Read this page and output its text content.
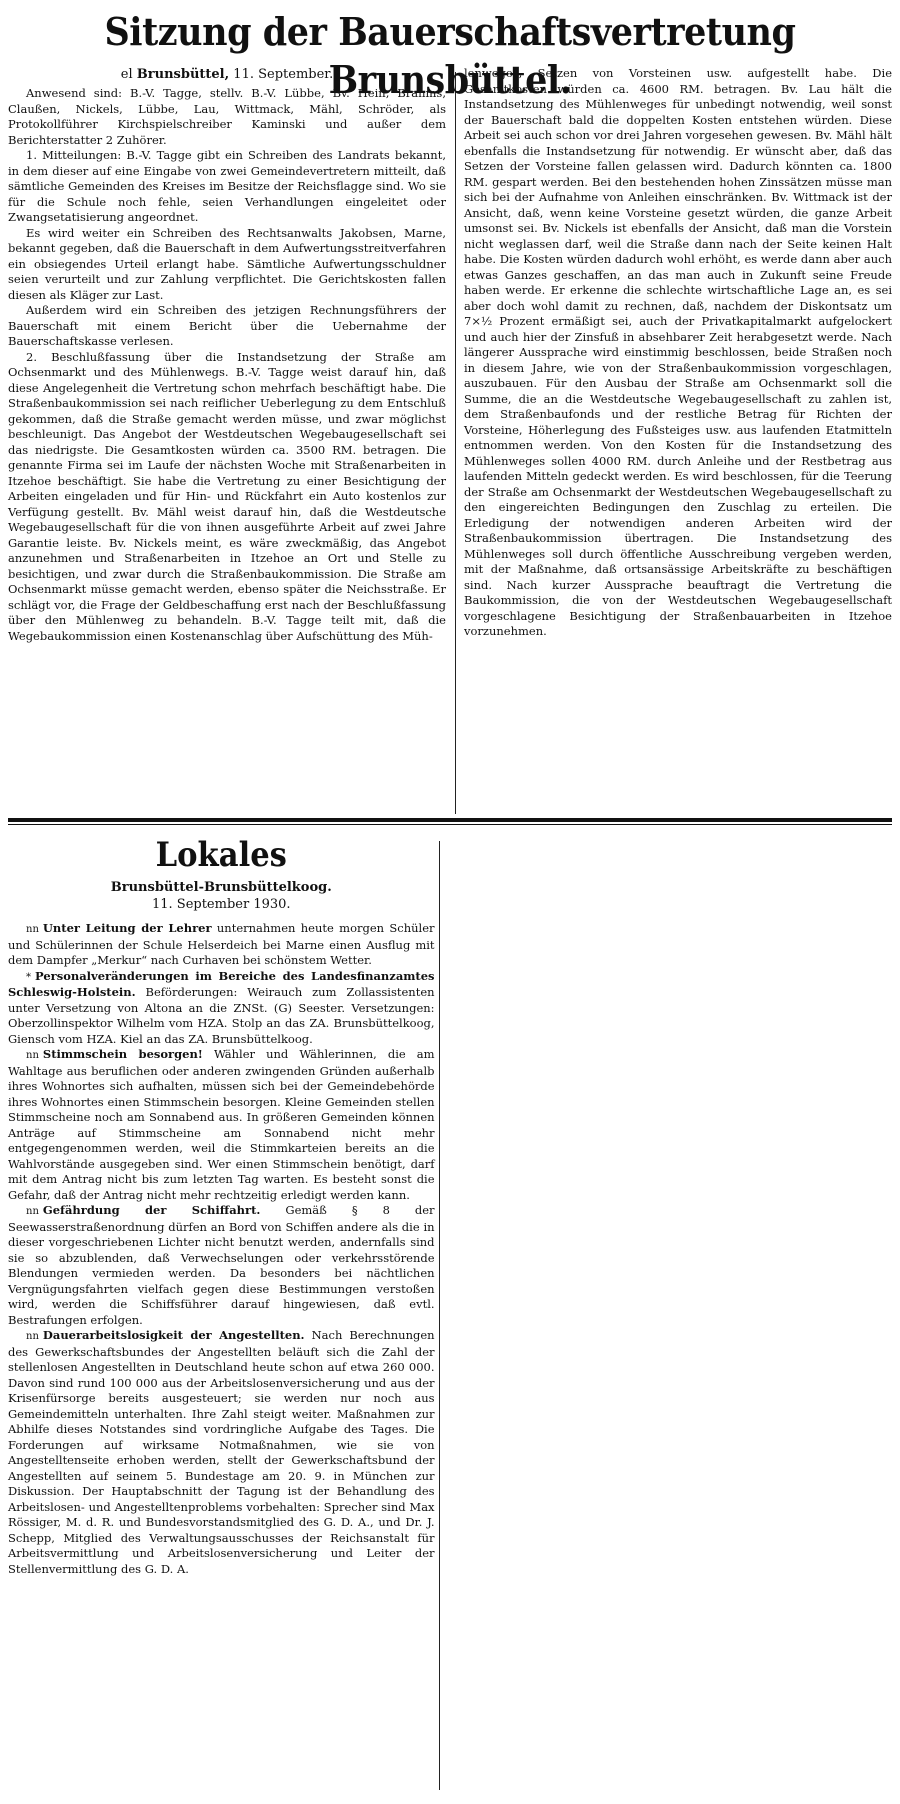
Sitzung der Bauerschaftsvertretung Brunsbüttel.
el Brunsbüttel, 11. September.

Anwesend sind: B.-V. Tagge, stellv. B.-V. Lübbe, Bv. Hein, Brahms, Claußen, Nickels, Lübbe, Lau, Wittmack, Mähl, Schröder, als Protokollführer Kirchspielschreiber Kaminski und außer dem Berichterstatter 2 Zuhörer.

1. Mitteilungen: B.-V. Tagge gibt ein Schreiben des Landrats bekannt, in dem dieser auf eine Eingabe von zwei Gemeindevertretern mitteilt, daß sämtliche Gemeinden des Kreises im Besitze der Reichsflagge sind. Wo sie für die Schule noch fehle, seien Verhandlungen eingeleitet oder Zwangsetatisierung angeordnet.

Es wird weiter ein Schreiben des Rechtsanwalts Jakobsen, Marne, bekannt gegeben, daß die Bauerschaft in dem Aufwertungsstreitverfahren ein obsiegendes Urteil erlangt habe. Sämtliche Aufwertungsschuldner seien verurteilt und zur Zahlung verpflichtet. Die Gerichtskosten fallen diesen als Kläger zur Last.

Außerdem wird ein Schreiben des jetzigen Rechnungsführers der Bauerschaft mit einem Bericht über die Uebernahme der Bauerschaftskasse verlesen.

2. Beschlußfassung über die Instandsetzung der Straße am Ochsenmarkt und des Mühlenwegs. B.-V. Tagge weist darauf hin, daß diese Angelegenheit die Vertretung schon mehrfach beschäftigt habe. Die Straßenbaukommission sei nach reiflicher Ueberlegung zu dem Entschluß gekommen, daß die Straße gemacht werden müsse, und zwar möglichst beschleunigt. Das Angebot der Westdeutschen Wegebaugesellschaft sei das niedrigste. Die Gesamtkosten würden ca. 3500 RM. betragen. Die genannte Firma sei im Laufe der nächsten Woche mit Straßenarbeiten in Itzehoe beschäftigt. Sie habe die Vertretung zu einer Besichtigung der Arbeiten eingeladen und für Hin- und Rückfahrt ein Auto kostenlos zur Verfügung gestellt. Bv. Mähl weist darauf hin, daß die Westdeutsche Wegebaugesellschaft für die von ihnen ausgeführte Arbeit auf zwei Jahre Garantie leiste. Bv. Nickels meint, es wäre zweckmäßig, das Angebot anzunehmen und Straßenarbeiten in Itzehoe an Ort und Stelle zu besichtigen, und zwar durch die Straßenbaukommission. Die Straße am Ochsenmarkt müsse gemacht werden, ebenso später die Neichsstraße. Er schlägt vor, die Frage der Geldbeschaffung erst nach der Beschlußfassung über den Mühlenweg zu behandeln. B.-V. Tagge teilt mit, daß die Wegebaukommission einen Kostenanschlag über Aufschüttung des Müh-

lenweges, Setzen von Vorsteinen usw. aufgestellt habe. Die Gesamtkosten würden ca. 4600 RM. betragen. Bv. Lau hält die Instandsetzung des Mühlenweges für unbedingt notwendig, weil sonst der Bauerschaft bald die doppelten Kosten entstehen würden. Diese Arbeit sei auch schon vor drei Jahren vorgesehen gewesen. Bv. Mähl hält ebenfalls die Instandsetzung für notwendig. Er wünscht aber, daß das Setzen der Vorsteine fallen gelassen wird. Dadurch könnten ca. 1800 RM. gespart werden. Bei den bestehenden hohen Zinssätzen müsse man sich bei der Aufnahme von Anleihen einschränken. Bv. Wittmack ist der Ansicht, daß, wenn keine Vorsteine gesetzt würden, die ganze Arbeit umsonst sei. Bv. Nickels ist ebenfalls der Ansicht, daß man die Vorstein nicht weglassen darf, weil die Straße dann nach der Seite keinen Halt habe. Die Kosten würden dadurch wohl erhöht, es werde dann aber auch etwas Ganzes geschaffen, an das man auch in Zukunft seine Freude haben werde. Er erkenne die schlechte wirtschaftliche Lage an, es sei aber doch wohl damit zu rechnen, daß, nachdem der Diskontsatz um 7×½ Prozent ermäßigt sei, auch der Privatkapitalmarkt aufgelockert und auch hier der Zinsfuß in absehbarer Zeit herabgesetzt werde. Nach längerer Aussprache wird einstimmig beschlossen, beide Straßen noch in diesem Jahre, wie von der Straßenbaukommission vorgeschlagen, auszubauen. Für den Ausbau der Straße am Ochsenmarkt soll die Summe, die an die Westdeutsche Wegebaugesellschaft zu zahlen ist, dem Straßenbaufonds und der restliche Betrag für Richten der Vorsteine, Höherlegung des Fußsteiges usw. aus laufenden Etatmitteln entnommen werden. Von den Kosten für die Instandsetzung des Mühlenweges sollen 4000 RM. durch Anleihe und der Restbetrag aus laufenden Mitteln gedeckt werden. Es wird beschlossen, für die Teerung der Straße am Ochsenmarkt der Westdeutschen Wegebaugesellschaft zu den eingereichten Bedingungen den Zuschlag zu erteilen. Die Erledigung der notwendigen anderen Arbeiten wird der Straßenbaukommission übertragen. Die Instandsetzung des Mühlenweges soll durch öffentliche Ausschreibung vergeben werden, mit der Maßnahme, daß ortsansässige Arbeitskräfte zu beschäftigen sind. Nach kurzer Aussprache beauftragt die Vertretung die Baukommission, die von der Westdeutschen Wegebaugesellschaft vorgeschlagene Besichtigung der Straßenbauarbeiten in Itzehoe vorzunehmen.

Lokales
Brunsbüttel-Brunsbüttelkoog.
11. September 1930.

nn Unter Leitung der Lehrer unternahmen heute morgen Schüler und Schülerinnen der Schule Helserdeich bei Marne einen Ausflug mit dem Dampfer „Merkur“ nach Curhaven bei schönstem Wetter.

* Personalveränderungen im Bereiche des Landesfinanzamtes Schleswig-Holstein. Beförderungen: Weirauch zum Zollassistenten unter Versetzung von Altona an die ZNSt. (G) Seester. Versetzungen: Oberzollinspektor Wilhelm vom HZA. Stolp an das ZA. Brunsbüttelkoog, Giensch vom HZA. Kiel an das ZA. Brunsbüttelkoog.

nn Stimmschein besorgen! Wähler und Wählerinnen, die am Wahltage aus beruflichen oder anderen zwingenden Gründen außerhalb ihres Wohnortes sich aufhalten, müssen sich bei der Gemeindebehörde ihres Wohnortes einen Stimmschein besorgen. Kleine Gemeinden stellen Stimmscheine noch am Sonnabend aus. In größeren Gemeinden können Anträge auf Stimmscheine am Sonnabend nicht mehr entgegengenommen werden, weil die Stimmkarteien bereits an die Wahlvorstände ausgegeben sind. Wer einen Stimmschein benötigt, darf mit dem Antrag nicht bis zum letzten Tag warten. Es besteht sonst die Gefahr, daß der Antrag nicht mehr rechtzeitig erledigt werden kann.

nn Gefährdung der Schiffahrt. Gemäß § 8 der Seewasserstraßenordnung dürfen an Bord von Schiffen andere als die in dieser vorgeschriebenen Lichter nicht benutzt werden, andernfalls sind sie so abzublenden, daß Verwechselungen oder verkehrsstörende Blendungen vermieden werden. Da besonders bei nächtlichen Vergnügungsfahrten vielfach gegen diese Bestimmungen verstoßen wird, werden die Schiffsführer darauf hingewiesen, daß evtl. Bestrafungen erfolgen.

nn Dauerarbeitslosigkeit der Angestellten. Nach Berechnungen des Gewerkschaftsbundes der Angestellten beläuft sich die Zahl der stellenlosen Angestellten in Deutschland heute schon auf etwa 260 000. Davon sind rund 100 000 aus der Arbeitslosenversicherung und aus der Krisenfürsorge bereits ausgesteuert; sie werden nur noch aus Gemeindemitteln unterhalten. Ihre Zahl steigt weiter. Maßnahmen zur Abhilfe dieses Notstandes sind vordringliche Aufgabe des Tages. Die Forderungen auf wirksame Notmaßnahmen, wie sie von Angestelltenseite erhoben werden, stellt der Gewerkschaftsbund der Angestellten auf seinem 5. Bundestage am 20. 9. in München zur Diskussion. Der Hauptabschnitt der Tagung ist der Behandlung des Arbeitslosen- und Angestelltenproblems vorbehalten: Sprecher sind Max Rössiger, M. d. R. und Bundesvorstandsmitglied des G. D. A., und Dr. J. Schepp, Mitglied des Verwaltungsausschusses der Reichsanstalt für Arbeitsvermittlung und Arbeitslosenversicherung und Leiter der Stellenvermittlung des G. D. A.
